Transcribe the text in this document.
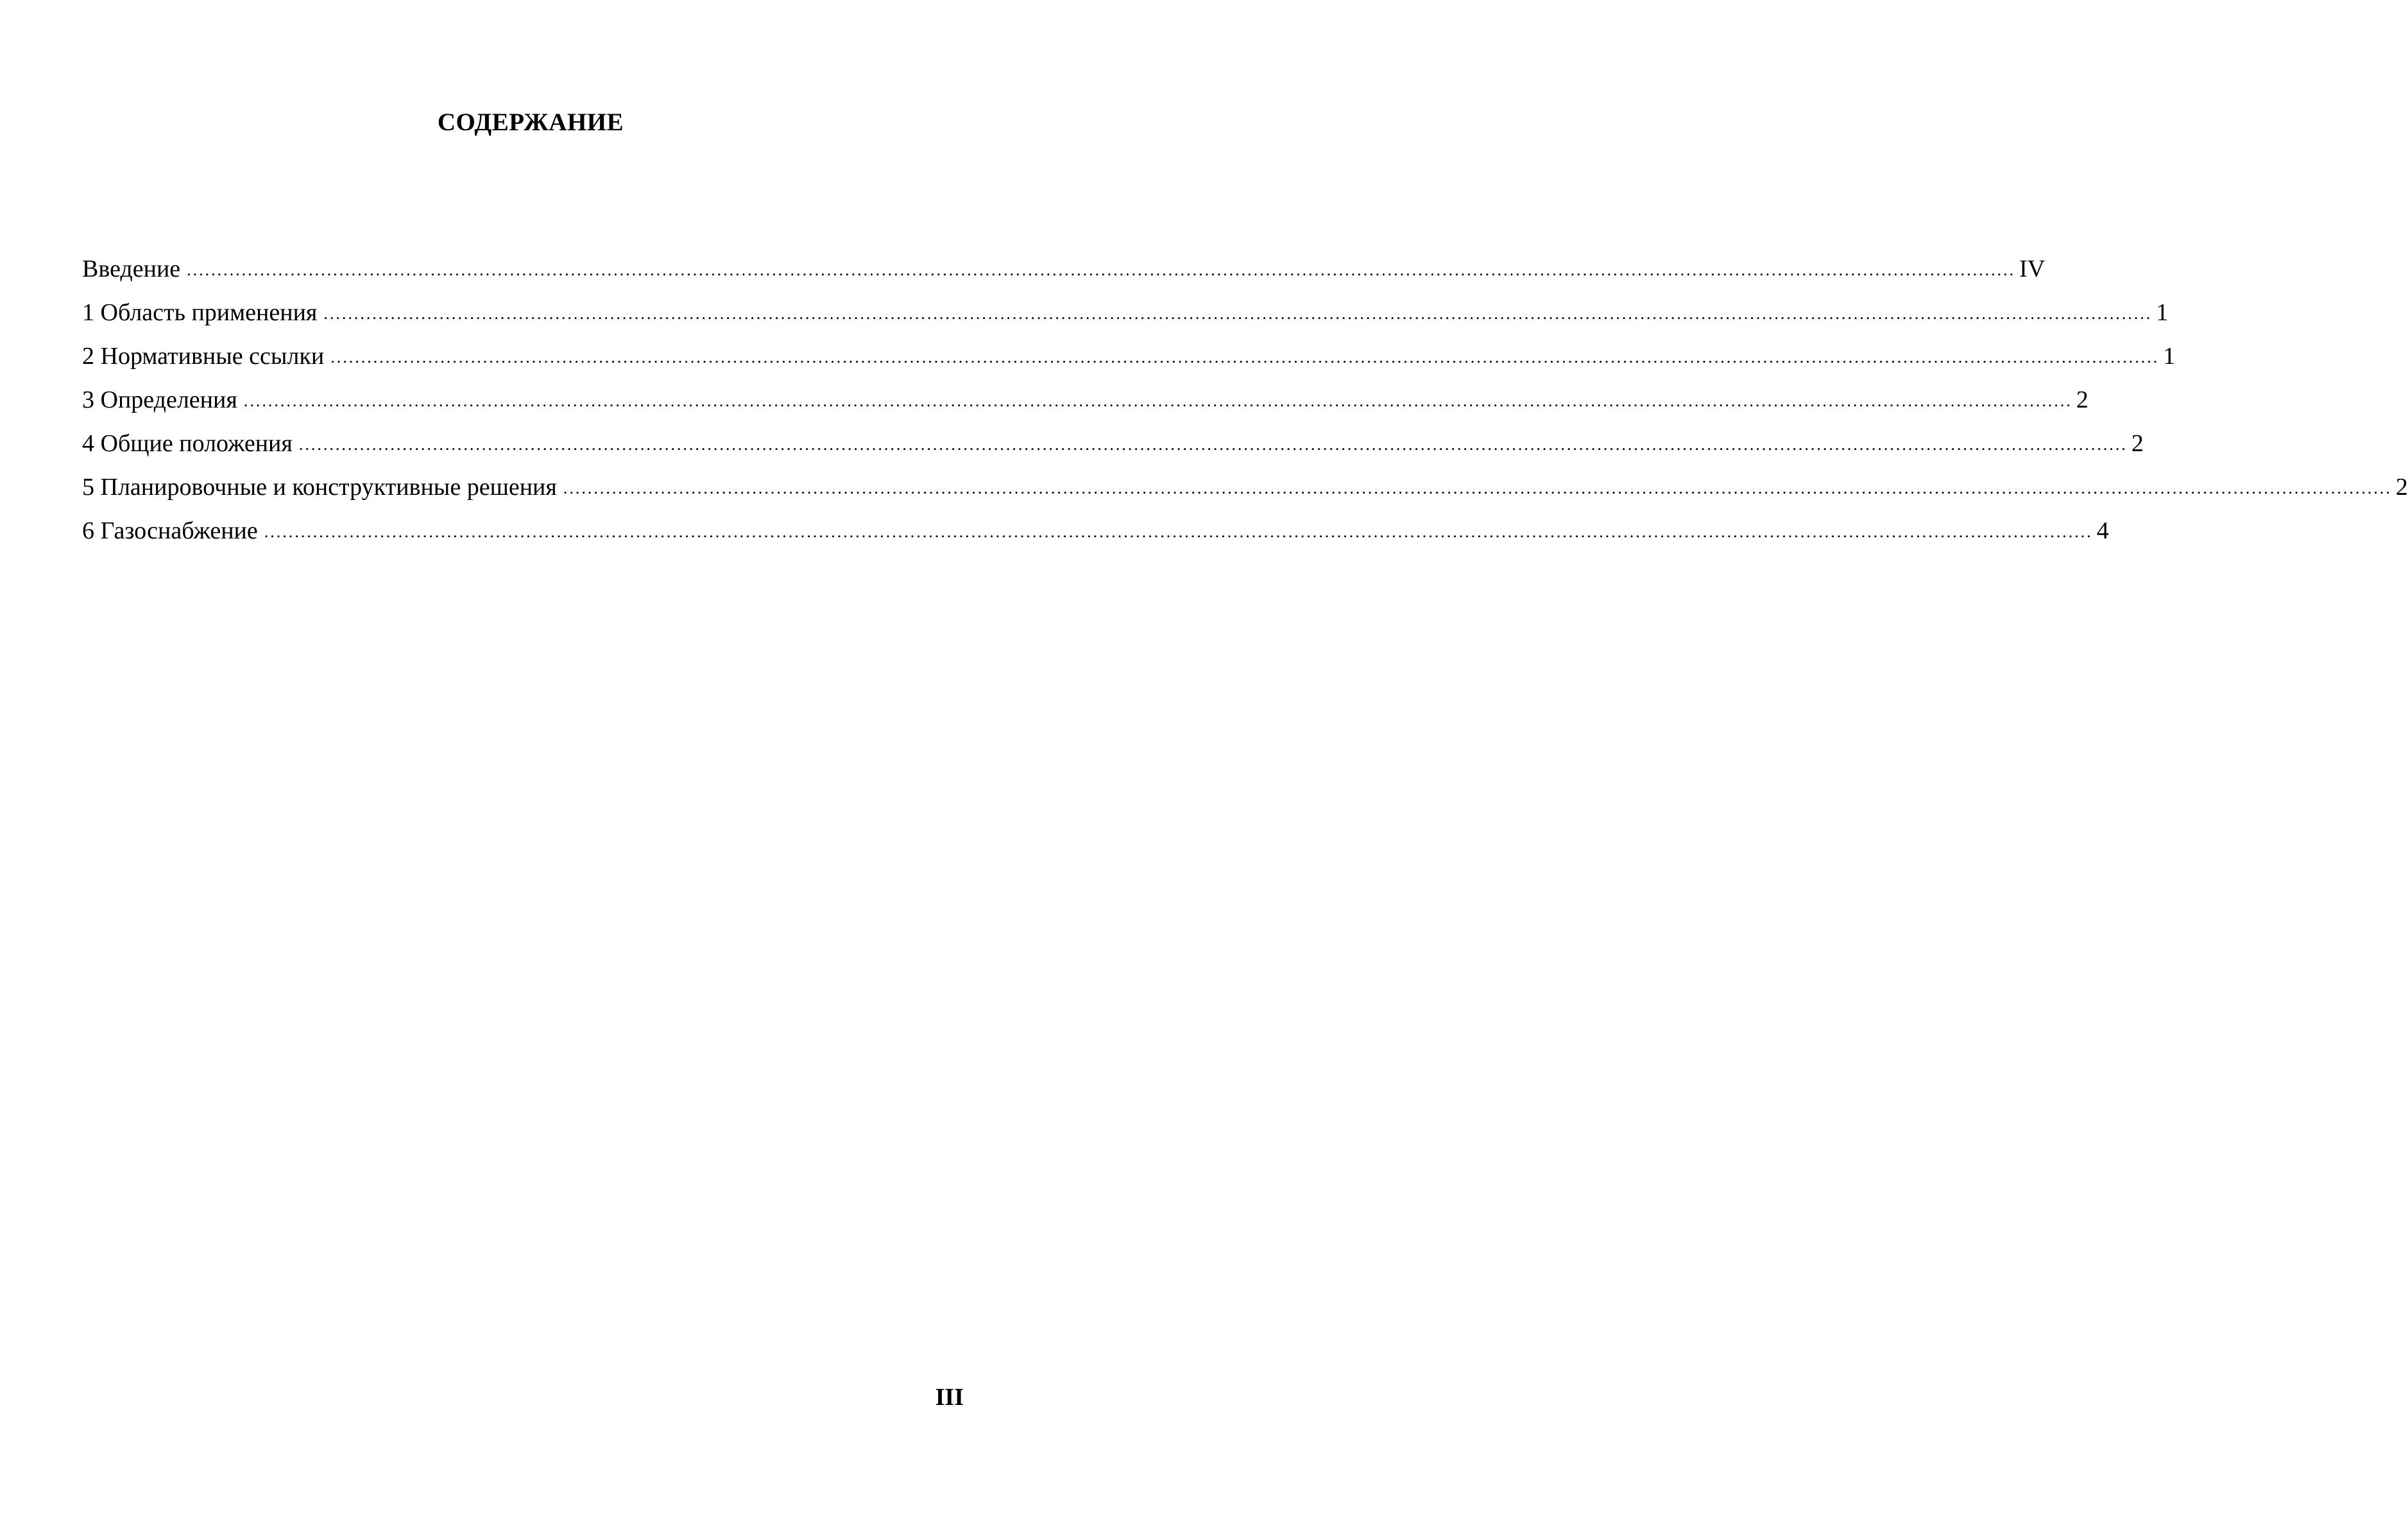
СОДЕРЖАНИЕ
Введение ............................................................................................................................................................................................................................................................................................................ IV
1 Область применения ............................................................................................................................................................................................................................................................................................................ 1
2 Нормативные ссылки ............................................................................................................................................................................................................................................................................................................ 1
3 Определения ............................................................................................................................................................................................................................................................................................................ 2
4 Общие положения ............................................................................................................................................................................................................................................................................................................ 2
5 Планировочные и конструктивные решения ............................................................................................................................................................................................................................................................................................................ 2
6 Газоснабжение ............................................................................................................................................................................................................................................................................................................ 4

III
